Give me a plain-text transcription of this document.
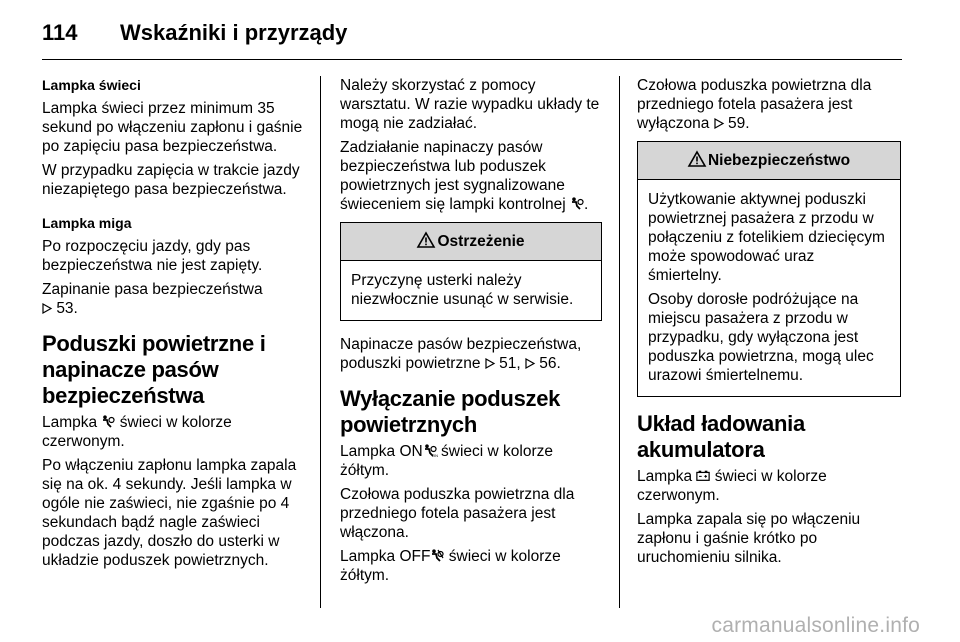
114 Wskaźniki i przyrządy

Lampka świeci

Lampka świeci przez minimum 35 sekund po włączeniu zapłonu i gaśnie po zapięciu pasa bezpieczeństwa.

W przypadku zapięcia w trakcie jazdy niezapiętego pasa bezpieczeństwa.

Lampka miga

Po rozpoczęciu jazdy, gdy pas bezpieczeństwa nie jest zapięty.

Zapinanie pasa bezpieczeństwa
53.

Poduszki powietrzne i napinacze pasów bezpieczeństwa

Lampka świeci w kolorze czerwonym.

Po włączeniu zapłonu lampka zapala się na ok. 4 sekundy. Jeśli lampka w ogóle nie zaświeci, nie zgaśnie po 4 sekundach bądź nagle zaświeci podczas jazdy, doszło do usterki w układzie poduszek powietrznych.

Należy skorzystać z pomocy warsztatu. W razie wypadku układy te mogą nie zadziałać.

Zadziałanie napinaczy pasów bezpieczeństwa lub poduszek powietrznych jest sygnalizowane świeceniem się lampki kontrolnej .

Ostrzeżenie

Przyczynę usterki należy niezwłocznie usunąć w serwisie.

Napinacze pasów bezpieczeństwa, poduszki powietrzne 51, 56.

Wyłączanie poduszek powietrznych

Lampka ON ON świeci w kolorze żółtym.

Czołowa poduszka powietrzna dla przedniego fotela pasażera jest włączona.

Lampka OFF świeci w kolorze żółtym.

Czołowa poduszka powietrzna dla przedniego fotela pasażera jest wyłączona 59.

Niebezpieczeństwo

Użytkowanie aktywnej poduszki powietrznej pasażera z przodu w połączeniu z fotelikiem dziecięcym może spowodować uraz śmiertelny.

Osoby dorosłe podróżujące na miejscu pasażera z przodu w przypadku, gdy wyłączona jest poduszka powietrzna, mogą ulec urazowi śmiertelnemu.

Układ ładowania akumulatora

Lampka świeci w kolorze czerwonym.

Lampka zapala się po włączeniu zapłonu i gaśnie krótko po uruchomieniu silnika.

carmanualsonline.info
